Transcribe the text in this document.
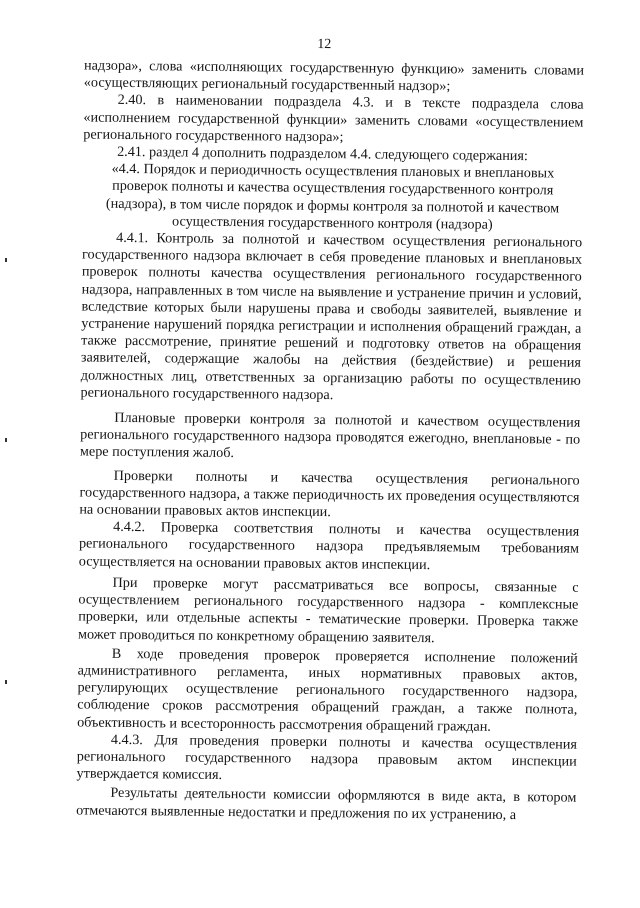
12

надзора», слова «исполняющих государственную функцию» заменить словами «осуществляющих региональный государственный надзор»;

2.40. в наименовании подраздела 4.3. и в тексте подраздела слова «исполнением государственной функции» заменить словами «осуществлением регионального государственного надзора»;

2.41. раздел 4 дополнить подразделом 4.4. следующего содержания:

«4.4. Порядок и периодичность осуществления плановых и внеплановых проверок полноты и качества осуществления государственного контроля (надзора), в том числе порядок и формы контроля за полнотой и качеством осуществления государственного контроля (надзора)

4.4.1. Контроль за полнотой и качеством осуществления регионального государственного надзора включает в себя проведение плановых и внеплановых проверок полноты качества осуществления регионального государственного надзора, направленных в том числе на выявление и устранение причин и условий, вследствие которых были нарушены права и свободы заявителей, выявление и устранение нарушений порядка регистрации и исполнения обращений граждан, а также рассмотрение, принятие решений и подготовку ответов на обращения заявителей, содержащие жалобы на действия (бездействие) и решения должностных лиц, ответственных за организацию работы по осуществлению регионального государственного надзора.

Плановые проверки контроля за полнотой и качеством осуществления регионального государственного надзора проводятся ежегодно, внеплановые - по мере поступления жалоб.

Проверки полноты и качества осуществления регионального государственного надзора, а также периодичность их проведения осуществляются на основании правовых актов инспекции.

4.4.2. Проверка соответствия полноты и качества осуществления регионального государственного надзора предъявляемым требованиям осуществляется на основании правовых актов инспекции.

При проверке могут рассматриваться все вопросы, связанные с осуществлением регионального государственного надзора - комплексные проверки, или отдельные аспекты - тематические проверки. Проверка также может проводиться по конкретному обращению заявителя.

В ходе проведения проверок проверяется исполнение положений административного регламента, иных нормативных правовых актов, регулирующих осуществление регионального государственного надзора, соблюдение сроков рассмотрения обращений граждан, а также полнота, объективность и всесторонность рассмотрения обращений граждан.

4.4.3. Для проведения проверки полноты и качества осуществления регионального государственного надзора правовым актом инспекции утверждается комиссия.

Результаты деятельности комиссии оформляются в виде акта, в котором отмечаются выявленные недостатки и предложения по их устранению, а
